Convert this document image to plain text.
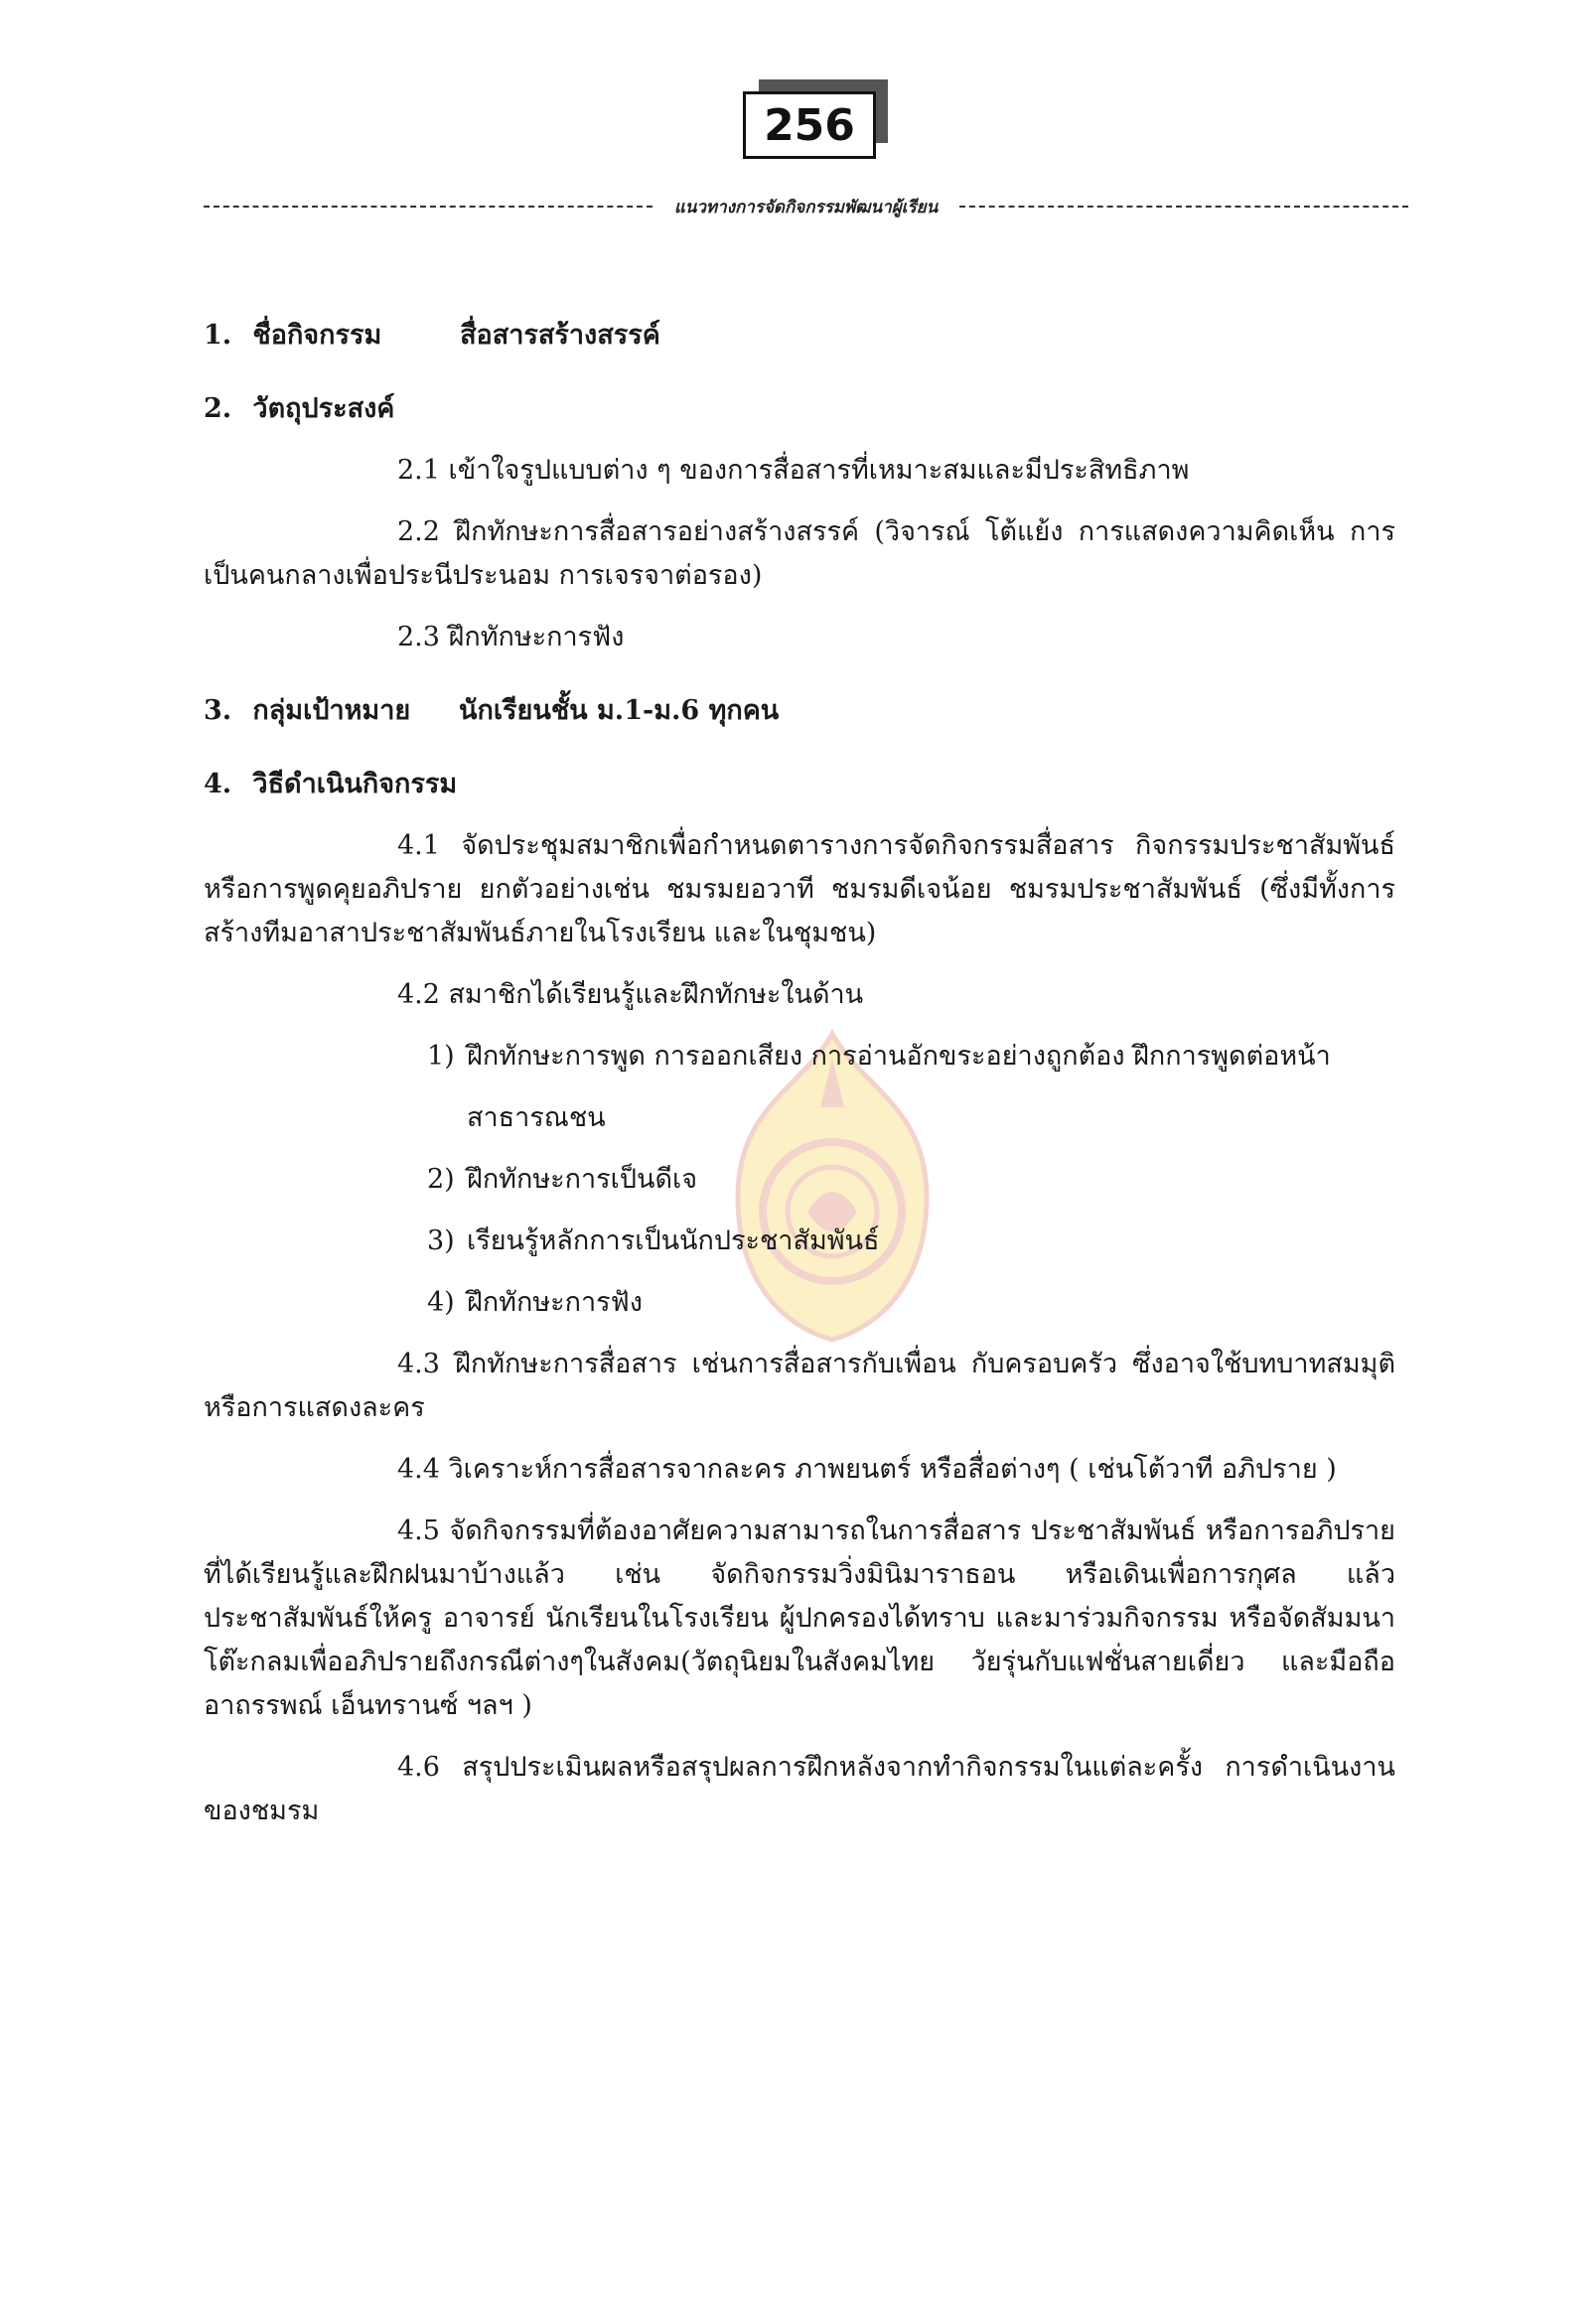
256
แนวทางการจัดกิจกรรมพัฒนาผู้เรียน

1. ชื่อกิจกรรม	สื่อสารสร้างสรรค์

2. วัตถุประสงค์

2.1 เข้าใจรูปแบบต่าง ๆ ของการสื่อสารที่เหมาะสมและมีประสิทธิภาพ

2.2 ฝึกทักษะการสื่อสารอย่างสร้างสรรค์ (วิจารณ์ โต้แย้ง การแสดงความคิดเห็น การเป็นคนกลางเพื่อประนีประนอม การเจรจาต่อรอง)

2.3 ฝึกทักษะการฟัง

3. กลุ่มเป้าหมาย นักเรียนชั้น ม.1-ม.6 ทุกคน

4. วิธีดำเนินกิจกรรม

4.1 จัดประชุมสมาชิกเพื่อกำหนดตารางการจัดกิจกรรมสื่อสาร กิจกรรมประชาสัมพันธ์ หรือการพูดคุยอภิปราย ยกตัวอย่างเช่น ชมรมยอวาที ชมรมดีเจน้อย ชมรมประชาสัมพันธ์ (ซึ่งมีทั้งการสร้างทีมอาสาประชาสัมพันธ์ภายในโรงเรียน และในชุมชน)

4.2 สมาชิกได้เรียนรู้และฝึกทักษะในด้าน

1) ฝึกทักษะการพูด การออกเสียง การอ่านอักขระอย่างถูกต้อง ฝึกการพูดต่อหน้า

สาธารณชน

2) ฝึกทักษะการเป็นดีเจ

3) เรียนรู้หลักการเป็นนักประชาสัมพันธ์

4) ฝึกทักษะการฟัง

4.3 ฝึกทักษะการสื่อสาร เช่นการสื่อสารกับเพื่อน กับครอบครัว ซึ่งอาจใช้บทบาทสมมุติหรือการแสดงละคร

4.4 วิเคราะห์การสื่อสารจากละคร ภาพยนตร์ หรือสื่อต่างๆ ( เช่นโต้วาที อภิปราย )

4.5 จัดกิจกรรมที่ต้องอาศัยความสามารถในการสื่อสาร ประชาสัมพันธ์ หรือการอภิปรายที่ได้เรียนรู้และฝึกฝนมาบ้างแล้ว เช่น จัดกิจกรรมวิ่งมินิมาราธอน หรือเดินเพื่อการกุศล แล้วประชาสัมพันธ์ให้ครู อาจารย์ นักเรียนในโรงเรียน ผู้ปกครองได้ทราบ และมาร่วมกิจกรรม หรือจัดสัมมนาโต๊ะกลมเพื่ออภิปรายถึงกรณีต่างๆในสังคม(วัตถุนิยมในสังคมไทย วัยรุ่นกับแฟชั่นสายเดี่ยว และมือถือ อาถรรพณ์ เอ็นทรานซ์ ฯลฯ )

4.6 สรุปประเมินผลหรือสรุปผลการฝึกหลังจากทำกิจกรรมในแต่ละครั้ง การดำเนินงานของชมรม
